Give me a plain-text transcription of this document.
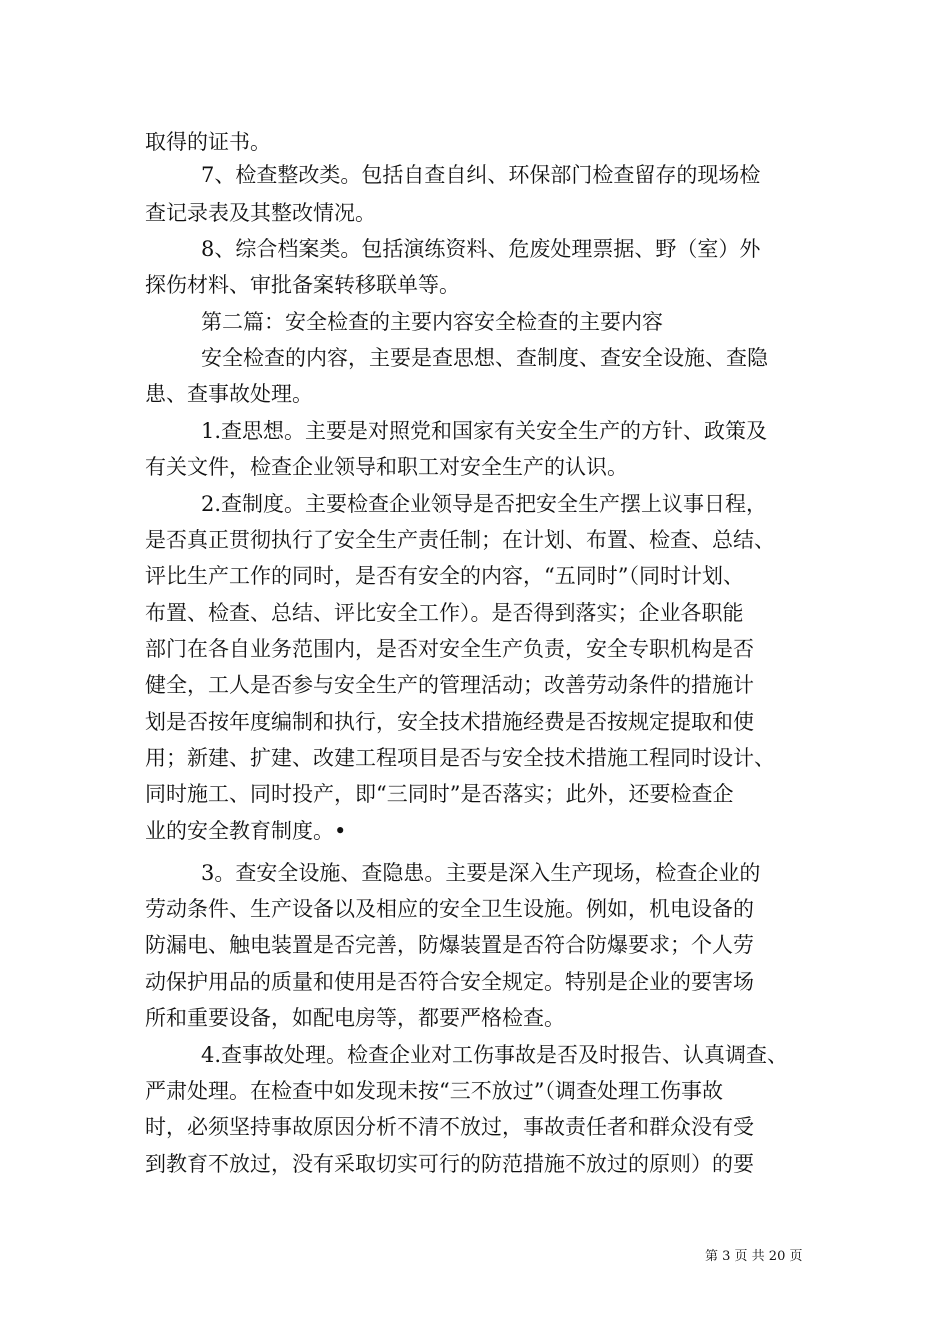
取得的证书。
7、检查整改类。包括自查自纠、环保部门检查留存的现场检
查记录表及其整改情况。
8、综合档案类。包括演练资料、危废处理票据、野（室）外
探伤材料、审批备案转移联单等。
第二篇：安全检查的主要内容安全检查的主要内容
安全检查的内容，主要是查思想、查制度、查安全设施、查隐
患、查事故处理。
1.查思想。主要是对照党和国家有关安全生产的方针、政策及
有关文件，检查企业领导和职工对安全生产的认识。
2.查制度。主要检查企业领导是否把安全生产摆上议事日程，
是否真正贯彻执行了安全生产责任制；在计划、布置、检查、总结、
评比生产工作的同时，是否有安全的内容，“五同时”（同时计划、
布置、检查、总结、评比安全工作）。是否得到落实；企业各职能
部门在各自业务范围内，是否对安全生产负责，安全专职机构是否
健全，工人是否参与安全生产的管理活动；改善劳动条件的措施计
划是否按年度编制和执行，安全技术措施经费是否按规定提取和使
用；新建、扩建、改建工程项目是否与安全技术措施工程同时设计、
同时施工、同时投产，即“三同时”是否落实；此外，还要检查企
业的安全教育制度。•
3。查安全设施、查隐患。主要是深入生产现场，检查企业的
劳动条件、生产设备以及相应的安全卫生设施。例如，机电设备的
防漏电、触电装置是否完善，防爆装置是否符合防爆要求；个人劳
动保护用品的质量和使用是否符合安全规定。特别是企业的要害场
所和重要设备，如配电房等，都要严格检查。
4.查事故处理。检查企业对工伤事故是否及时报告、认真调查、
严肃处理。在检查中如发现未按“三不放过”（调查处理工伤事故
时，必须坚持事故原因分析不清不放过，事故责任者和群众没有受
到教育不放过，没有采取切实可行的防范措施不放过的原则）的要
第 3 页 共 20 页
